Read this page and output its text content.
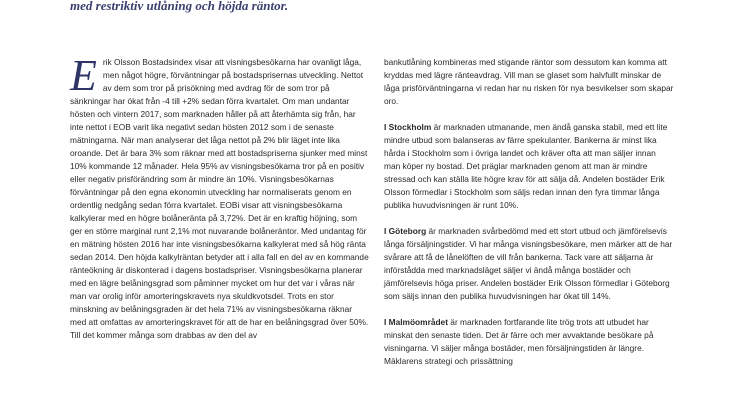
med restriktiv utlåning och höjda räntor.

Erik Olsson Bostadsindex visar att visningsbesökarna har ovanligt låga, men något högre, förväntningar på bostadsprisernas utveckling. Nettot av dem som tror på prisökning med avdrag för de som tror på sänkningar har ökat från -4 till +2% sedan förra kvartalet. Om man undantar hösten och vintern 2017, som marknaden håller på att återhämta sig från, har inte nettot i EOB varit lika negativt sedan hösten 2012 som i de senaste mätningarna. När man analyserar det låga nettot på 2% blir läget inte lika oroande. Det är bara 3% som räknar med att bostadspriserna sjunker med minst 10% kommande 12 månader. Hela 95% av visningsbesökarna tror på en positiv eller negativ prisförändring som är mindre än 10%. Visningsbesökarnas förväntningar på den egna ekonomin utveckling har normaliserats genom en ordentlig nedgång sedan förra kvartalet. EOBi visar att visningsbesökarna kalkylerar med en högre bolåneränta på 3,72%. Det är en kraftig höjning, som ger en större marginal runt 2,1% mot nuvarande bolåneräntor. Med undantag för en mätning hösten 2016 har inte visningsbesökarna kalkylerat med så hög ränta sedan 2014. Den höjda kalkylräntan betyder att i alla fall en del av en kommande ränteökning är diskonterad i dagens bostadspriser. Visningsbesökarna planerar med en lägre belåningsgrad som påminner mycket om hur det var i våras när man var orolig inför amorteringskravets nya skuldkvotsdel. Trots en stor minskning av belåningsgraden är det hela 71% av visningsbesökarna räknar med att omfattas av amorteringskravet för att de har en belåningsgrad över 50%. Till det kommer många som drabbas av den del av

bankutlåning kombineras med stigande räntor som dessutom kan komma att kryddas med lägre ränteavdrag. Vill man se glaset som halvfullt minskar de låga prisförväntningarna vi redan har nu risken för nya besvikelser som skapar oro.

I Stockholm är marknaden utmanande, men ändå ganska stabil, med ett lite mindre utbud som balanseras av färre spekulanter. Bankerna är minst lika hårda i Stockholm som i övriga landet och kräver ofta att man säljer innan man köper ny bostad. Det präglar marknaden genom att man är mindre stressad och kan ställa lite högre krav för att sälja då. Andelen bostäder Erik Olsson förmedlar i Stockholm som säljs redan innan den fyra timmar långa publika huvudvisningen är runt 10%.

I Göteborg är marknaden svårbedömd med ett stort utbud och jämförelsevis långa försäljningstider. Vi har många visningsbesökare, men märker att de har svårare att få de lånelöften de vill från bankerna. Tack vare att säljarna är införstådda med marknadsläget säljer vi ändå många bostäder och jämförelsevis höga priser. Andelen bostäder Erik Olsson förmedlar i Göteborg som säljs innan den publika huvudvisningen har ökat till 14%.

I Malmöområdet är marknaden fortfarande lite trög trots att utbudet har minskat den senaste tiden. Det är färre och mer avvaktande besökare på visningarna. Vi säljer många bostäder, men försäljningstiden är längre. Mäklarens strategi och prissättning
